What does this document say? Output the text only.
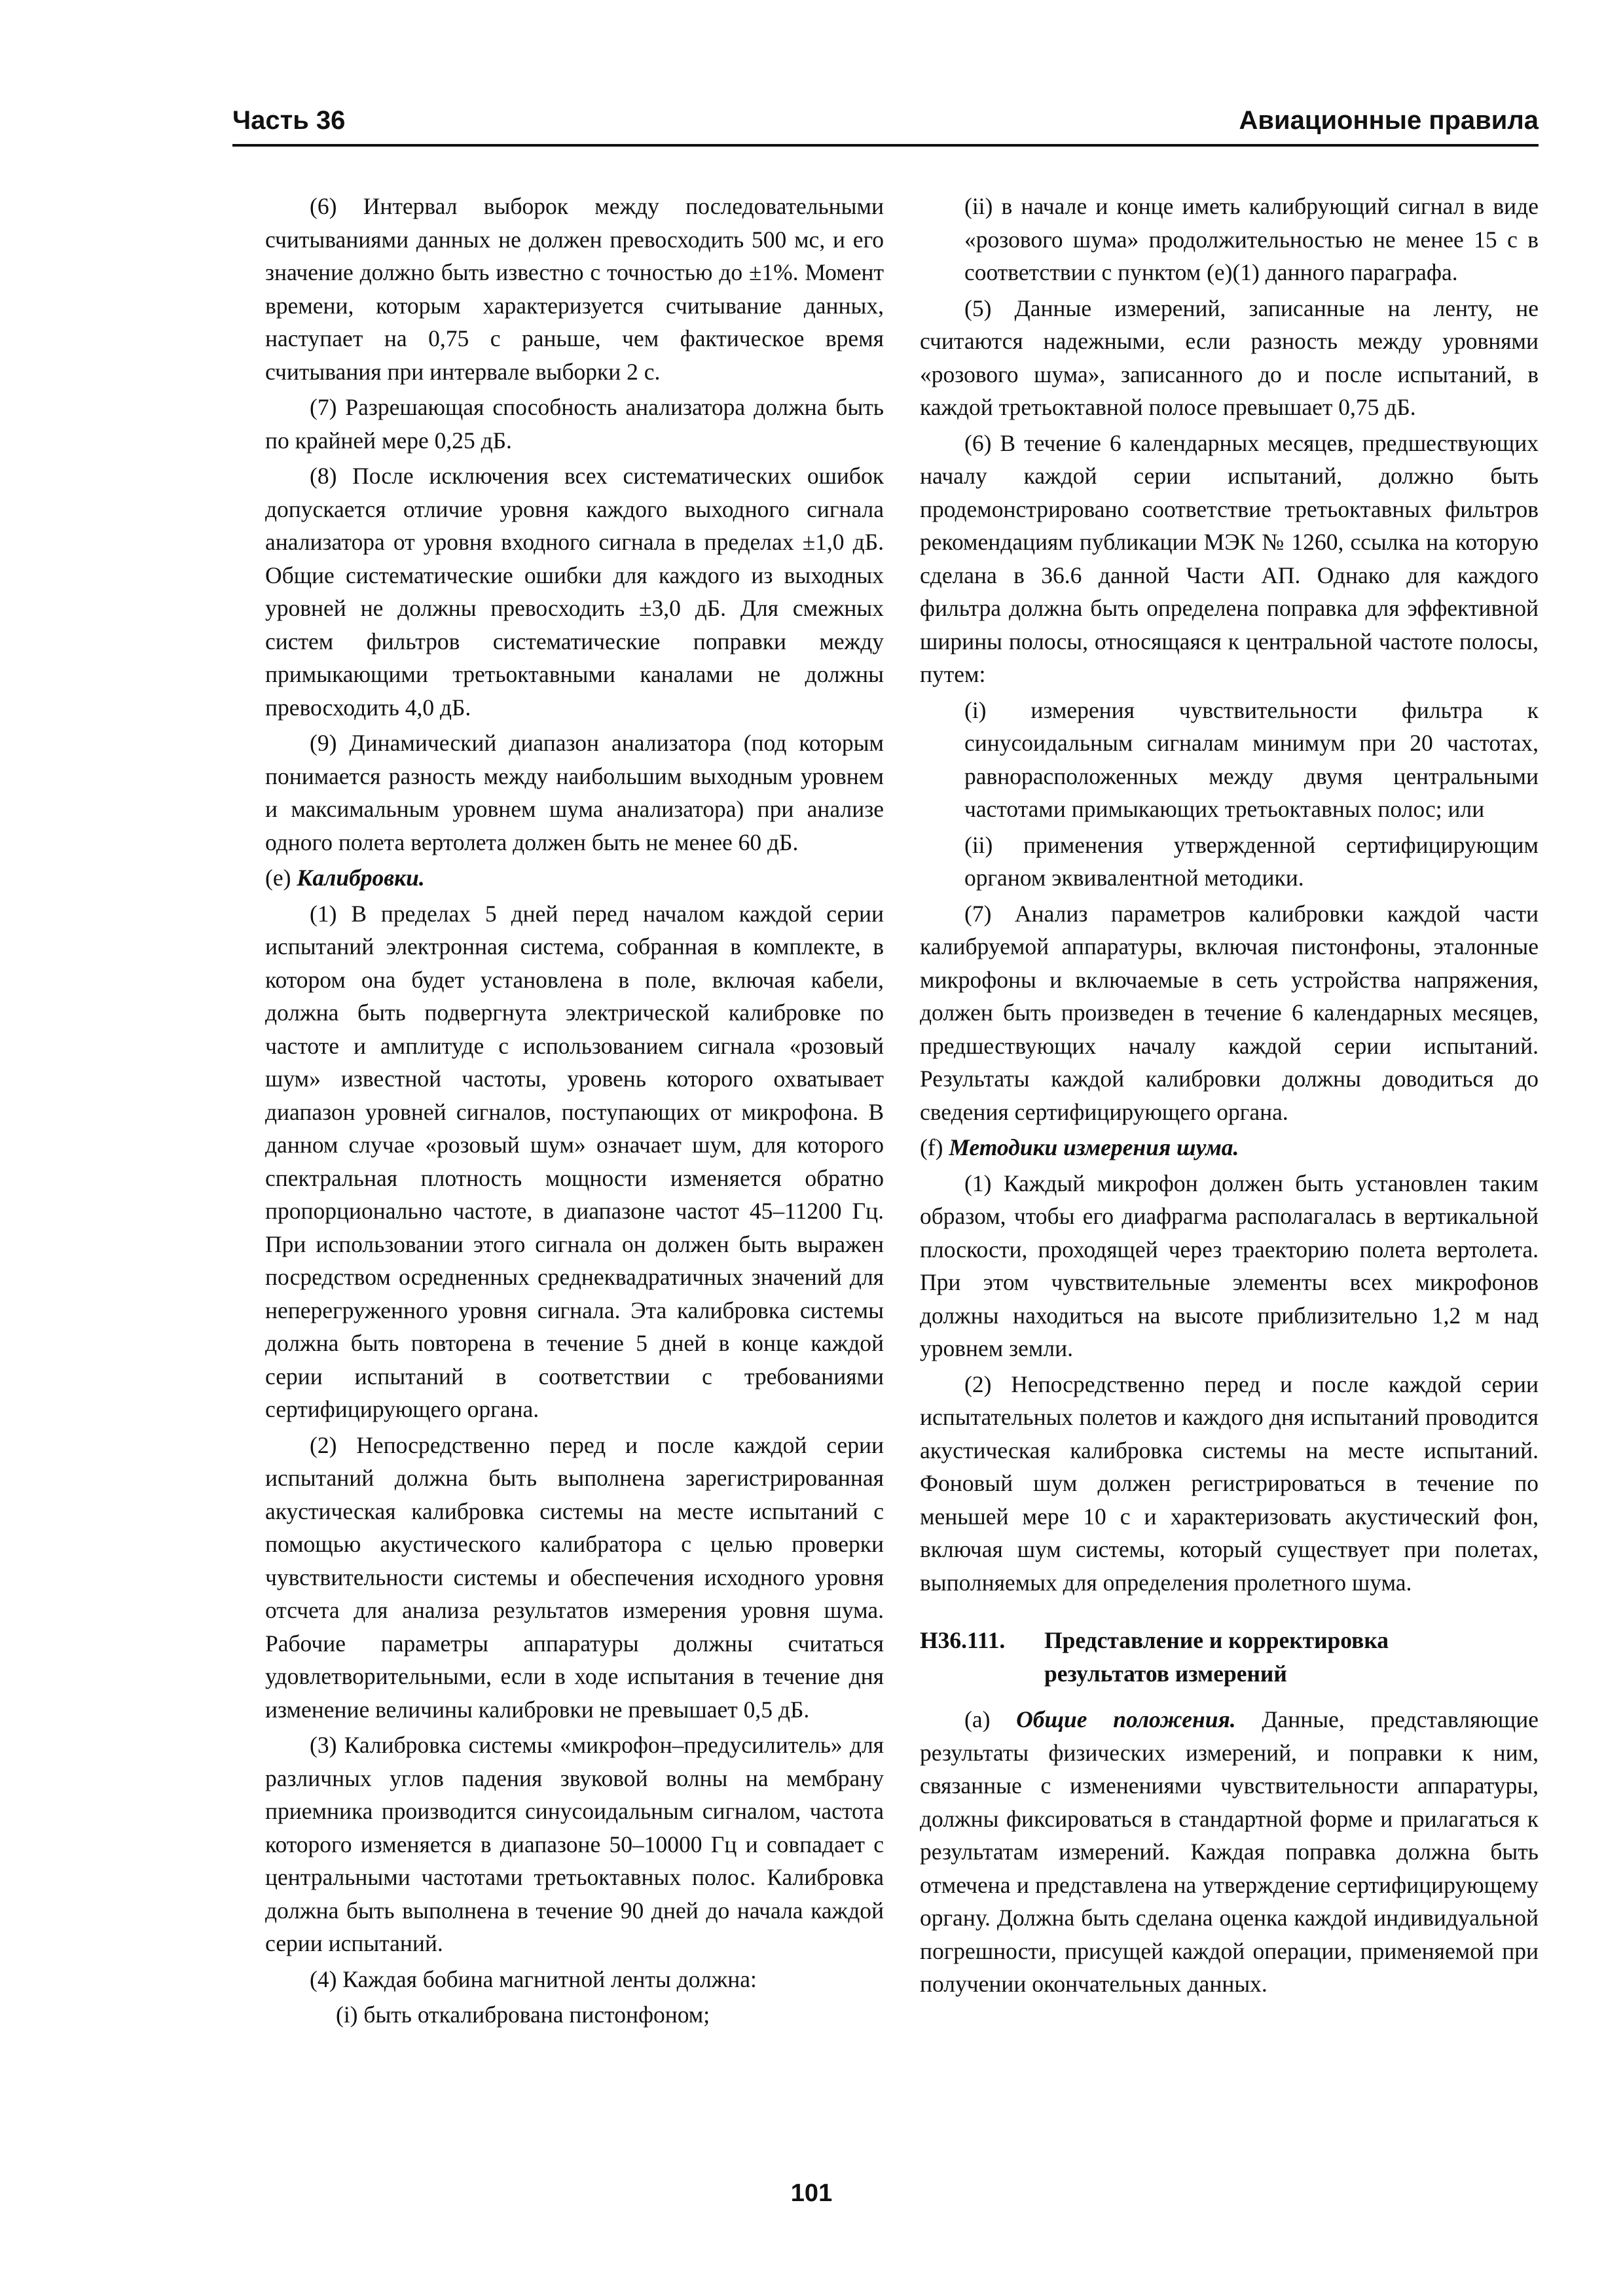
Часть 36	Авиационные правила

(6) Интервал выборок между последовательными считываниями данных не должен превосходить 500 мс, и его значение должно быть известно с точностью до ±1%. Момент времени, которым характеризуется считывание данных, наступает на 0,75 с раньше, чем фактическое время считывания при интервале выборки 2 с.

(7) Разрешающая способность анализатора должна быть по крайней мере 0,25 дБ.

(8) После исключения всех систематических ошибок допускается отличие уровня каждого выходного сигнала анализатора от уровня входного сигнала в пределах ±1,0 дБ. Общие систематические ошибки для каждого из выходных уровней не должны превосходить ±3,0 дБ. Для смежных систем фильтров систематические поправки между примыкающими третьоктавными каналами не должны превосходить 4,0 дБ.

(9) Динамический диапазон анализатора (под которым понимается разность между наибольшим выходным уровнем и максимальным уровнем шума анализатора) при анализе одного полета вертолета должен быть не менее 60 дБ.

(е) Калибровки.

(1) В пределах 5 дней перед началом каждой серии испытаний электронная система, собранная в комплекте, в котором она будет установлена в поле, включая кабели, должна быть подвергнута электрической калибровке по частоте и амплитуде с использованием сигнала «розовый шум» известной частоты, уровень которого охватывает диапазон уровней сигналов, поступающих от микрофона. В данном случае «розовый шум» означает шум, для которого спектральная плотность мощности изменяется обратно пропорционально частоте, в диапазоне частот 45–11200 Гц. При использовании этого сигнала он должен быть выражен посредством осредненных среднеквадратичных значений для неперегруженного уровня сигнала. Эта калибровка системы должна быть повторена в течение 5 дней в конце каждой серии испытаний в соответствии с требованиями сертифицирующего органа.

(2) Непосредственно перед и после каждой серии испытаний должна быть выполнена зарегистрированная акустическая калибровка системы на месте испытаний с помощью акустического калибратора с целью проверки чувствительности системы и обеспечения исходного уровня отсчета для анализа результатов измерения уровня шума. Рабочие параметры аппаратуры должны считаться удовлетворительными, если в ходе испытания в течение дня изменение величины калибровки не превышает 0,5 дБ.

(3) Калибровка системы «микрофон–предусилитель» для различных углов падения звуковой волны на мембрану приемника производится синусоидальным сигналом, частота которого изменяется в диапазоне 50–10000 Гц и совпадает с центральными частотами третьоктавных полос. Калибровка должна быть выполнена в течение 90 дней до начала каждой серии испытаний.

(4) Каждая бобина магнитной ленты должна:

(i) быть откалибрована пистонфоном;

(ii) в начале и конце иметь калибрующий сигнал в виде «розового шума» продолжительностью не менее 15 с в соответствии с пунктом (е)(1) данного параграфа.

(5) Данные измерений, записанные на ленту, не считаются надежными, если разность между уровнями «розового шума», записанного до и после испытаний, в каждой третьоктавной полосе превышает 0,75 дБ.

(6) В течение 6 календарных месяцев, предшествующих началу каждой серии испытаний, должно быть продемонстрировано соответствие третьоктавных фильтров рекомендациям публикации МЭК № 1260, ссылка на которую сделана в 36.6 данной Части АП. Однако для каждого фильтра должна быть определена поправка для эффективной ширины полосы, относящаяся к центральной частоте полосы, путем:

(i) измерения чувствительности фильтра к синусоидальным сигналам минимум при 20 частотах, равнорасположенных между двумя центральными частотами примыкающих третьоктавных полос; или

(ii) применения утвержденной сертифицирующим органом эквивалентной методики.

(7) Анализ параметров калибровки каждой части калибруемой аппаратуры, включая пистонфоны, эталонные микрофоны и включаемые в сеть устройства напряжения, должен быть произведен в течение 6 календарных месяцев, предшествующих началу каждой серии испытаний. Результаты каждой калибровки должны доводиться до сведения сертифицирующего органа.

(f) Методики измерения шума.

(1) Каждый микрофон должен быть установлен таким образом, чтобы его диафрагма располагалась в вертикальной плоскости, проходящей через траекторию полета вертолета. При этом чувствительные элементы всех микрофонов должны находиться на высоте приблизительно 1,2 м над уровнем земли.

(2) Непосредственно перед и после каждой серии испытательных полетов и каждого дня испытаний проводится акустическая калибровка системы на месте испытаний. Фоновый шум должен регистрироваться в течение по меньшей мере 10 с и характеризовать акустический фон, включая шум системы, который существует при полетах, выполняемых для определения пролетного шума.

Н36.111. Представление и корректировка
результатов измерений

(а) Общие положения. Данные, представляющие результаты физических измерений, и поправки к ним, связанные с изменениями чувствительности аппаратуры, должны фиксироваться в стандартной форме и прилагаться к результатам измерений. Каждая поправка должна быть отмечена и представлена на утверждение сертифицирующему органу. Должна быть сделана оценка каждой индивидуальной погрешности, присущей каждой операции, применяемой при получении окончательных данных.

101
